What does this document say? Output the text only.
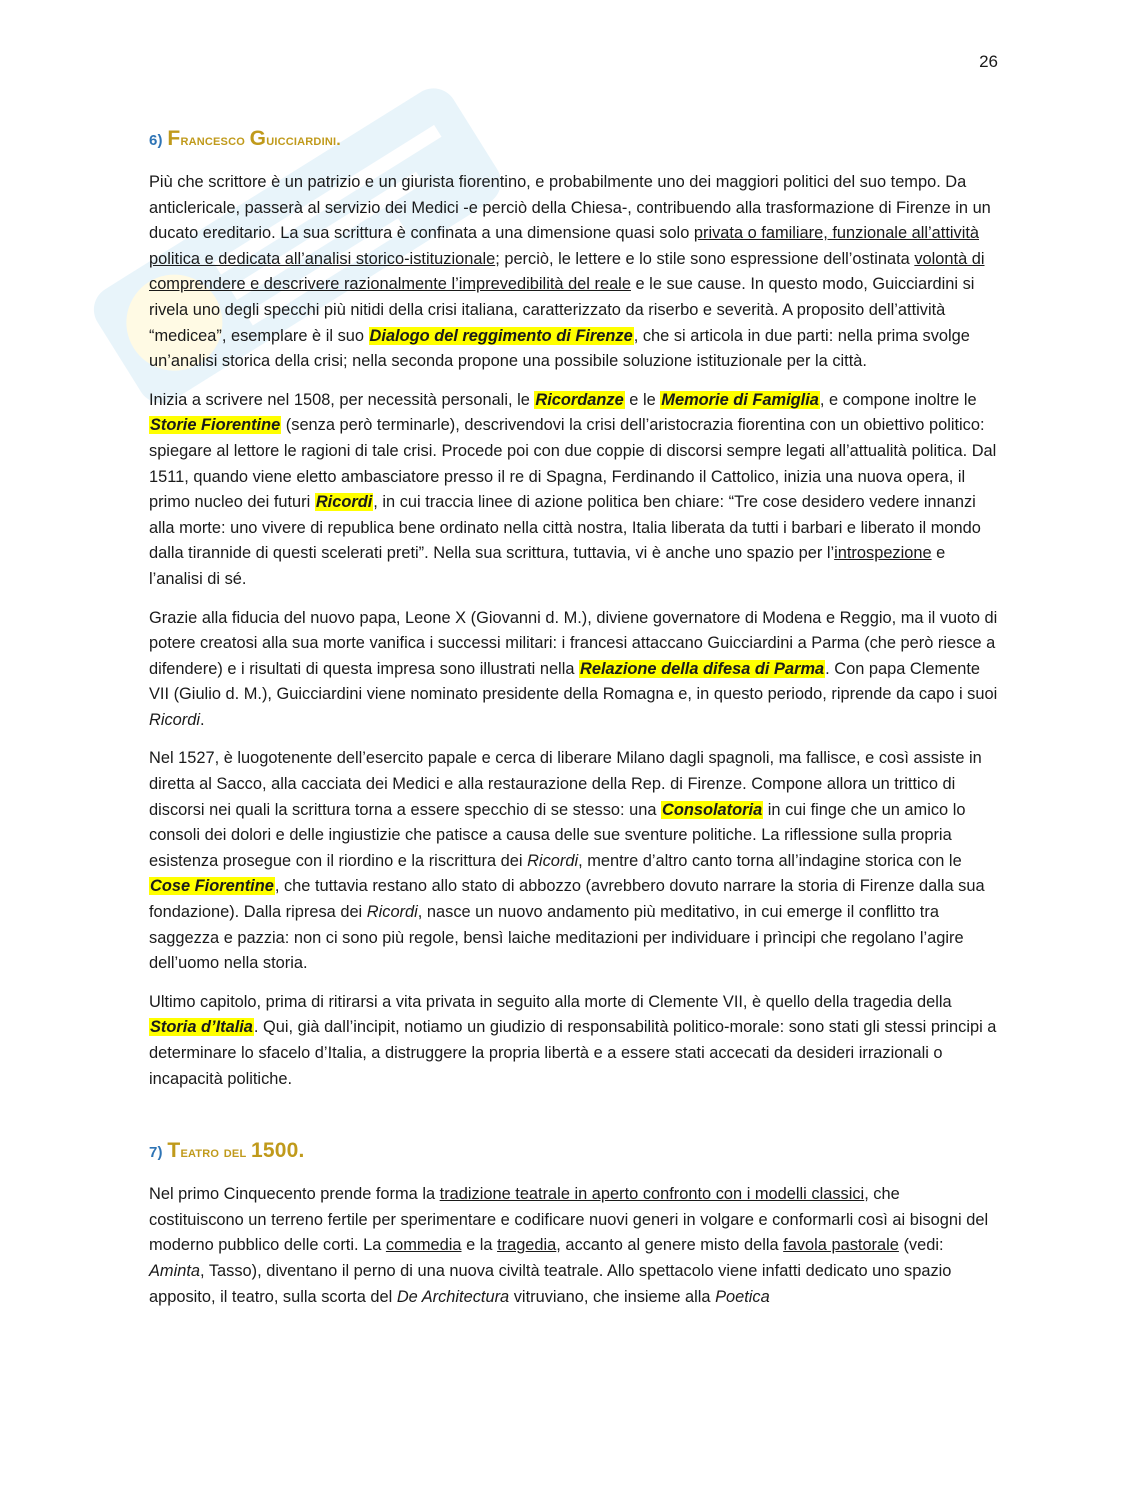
26
6) Francesco Guicciardini.

Più che scrittore è un patrizio e un giurista fiorentino, e probabilmente uno dei maggiori politici del suo tempo. Da anticlericale, passerà al servizio dei Medici -e perciò della Chiesa-, contribuendo alla trasformazione di Firenze in un ducato ereditario. La sua scrittura è confinata a una dimensione quasi solo privata o familiare, funzionale all’attività politica e dedicata all’analisi storico-istituzionale; perciò, le lettere e lo stile sono espressione dell’ostinata volontà di comprendere e descrivere razionalmente l’imprevedibilità del reale e le sue cause. In questo modo, Guicciardini si rivela uno degli specchi più nitidi della crisi italiana, caratterizzato da riserbo e severità. A proposito dell’attività “medicea”, esemplare è il suo Dialogo del reggimento di Firenze, che si articola in due parti: nella prima svolge un’analisi storica della crisi; nella seconda propone una possibile soluzione istituzionale per la città.

Inizia a scrivere nel 1508, per necessità personali, le Ricordanze e le Memorie di Famiglia, e compone inoltre le Storie Fiorentine (senza però terminarle), descrivendovi la crisi dell’aristocrazia fiorentina con un obiettivo politico: spiegare al lettore le ragioni di tale crisi. Procede poi con due coppie di discorsi sempre legati all’attualità politica. Dal 1511, quando viene eletto ambasciatore presso il re di Spagna, Ferdinando il Cattolico, inizia una nuova opera, il primo nucleo dei futuri Ricordi, in cui traccia linee di azione politica ben chiare: “Tre cose desidero vedere innanzi alla morte: uno vivere di republica bene ordinato nella città nostra, Italia liberata da tutti i barbari e liberato il mondo dalla tirannide di questi scelerati preti”. Nella sua scrittura, tuttavia, vi è anche uno spazio per l’introspezione e l’analisi di sé.

Grazie alla fiducia del nuovo papa, Leone X (Giovanni d. M.), diviene governatore di Modena e Reggio, ma il vuoto di potere creatosi alla sua morte vanifica i successi militari: i francesi attaccano Guicciardini a Parma (che però riesce a difendere) e i risultati di questa impresa sono illustrati nella Relazione della difesa di Parma. Con papa Clemente VII (Giulio d. M.), Guicciardini viene nominato presidente della Romagna e, in questo periodo, riprende da capo i suoi Ricordi.

Nel 1527, è luogotenente dell’esercito papale e cerca di liberare Milano dagli spagnoli, ma fallisce, e così assiste in diretta al Sacco, alla cacciata dei Medici e alla restaurazione della Rep. di Firenze. Compone allora un trittico di discorsi nei quali la scrittura torna a essere specchio di se stesso: una Consolatoria in cui finge che un amico lo consoli dei dolori e delle ingiustizie che patisce a causa delle sue sventure politiche. La riflessione sulla propria esistenza prosegue con il riordino e la riscrittura dei Ricordi, mentre d’altro canto torna all’indagine storica con le Cose Fiorentine, che tuttavia restano allo stato di abbozzo (avrebbero dovuto narrare la storia di Firenze dalla sua fondazione). Dalla ripresa dei Ricordi, nasce un nuovo andamento più meditativo, in cui emerge il conflitto tra saggezza e pazzia: non ci sono più regole, bensì laiche meditazioni per individuare i prìncipi che regolano l’agire dell’uomo nella storia.

Ultimo capitolo, prima di ritirarsi a vita privata in seguito alla morte di Clemente VII, è quello della tragedia della Storia d’Italia. Qui, già dall’incipit, notiamo un giudizio di responsabilità politico-morale: sono stati gli stessi principi a determinare lo sfacelo d’Italia, a distruggere la propria libertà e a essere stati accecati da desideri irrazionali o incapacità politiche.

7) Teatro del 1500.

Nel primo Cinquecento prende forma la tradizione teatrale in aperto confronto con i modelli classici, che costituiscono un terreno fertile per sperimentare e codificare nuovi generi in volgare e conformarli così ai bisogni del moderno pubblico delle corti. La commedia e la tragedia, accanto al genere misto della favola pastorale (vedi: Aminta, Tasso), diventano il perno di una nuova civiltà teatrale. Allo spettacolo viene infatti dedicato uno spazio apposito, il teatro, sulla scorta del De Architectura vitruviano, che insieme alla Poetica
